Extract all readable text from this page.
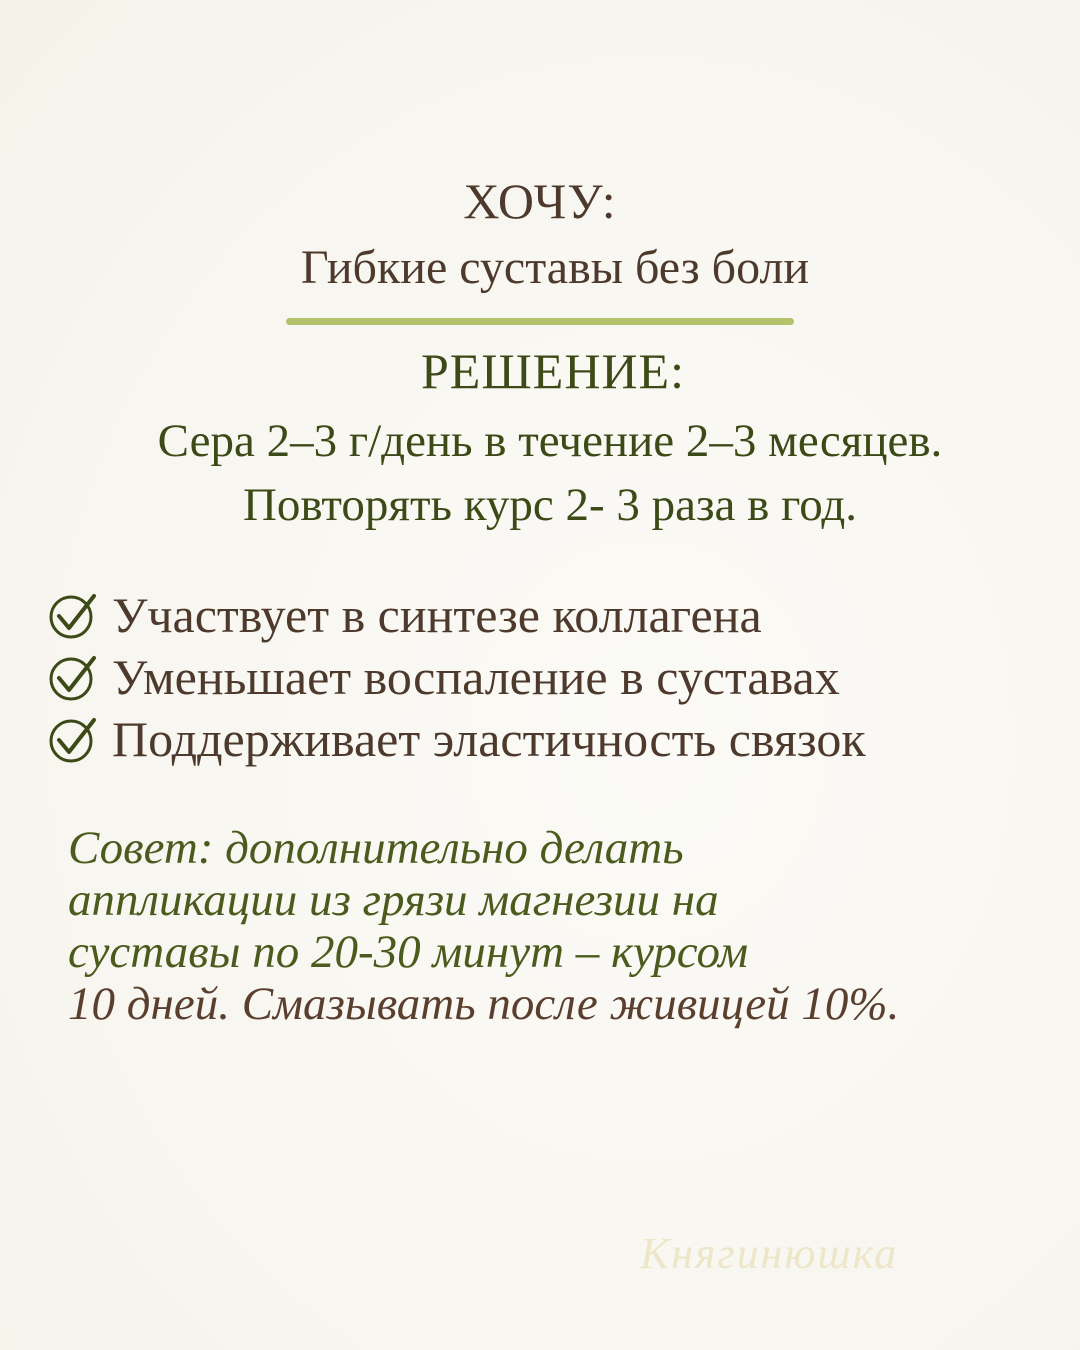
ХОЧУ:
Гибкие суставы без боли
РЕШЕНИЕ:
Сера 2–3 г/день в течение 2–3 месяцев.
Повторять курс 2- 3 раза в год.
Участвует в синтезе коллагена
Уменьшает воспаление в суставах
Поддерживает эластичность связок
Совет: дополнительно делать
аппликации из грязи магнезии на
суставы по 20-30 минут – курсом
10 дней. Смазывать после живицей 10%.
Княгинюшка
